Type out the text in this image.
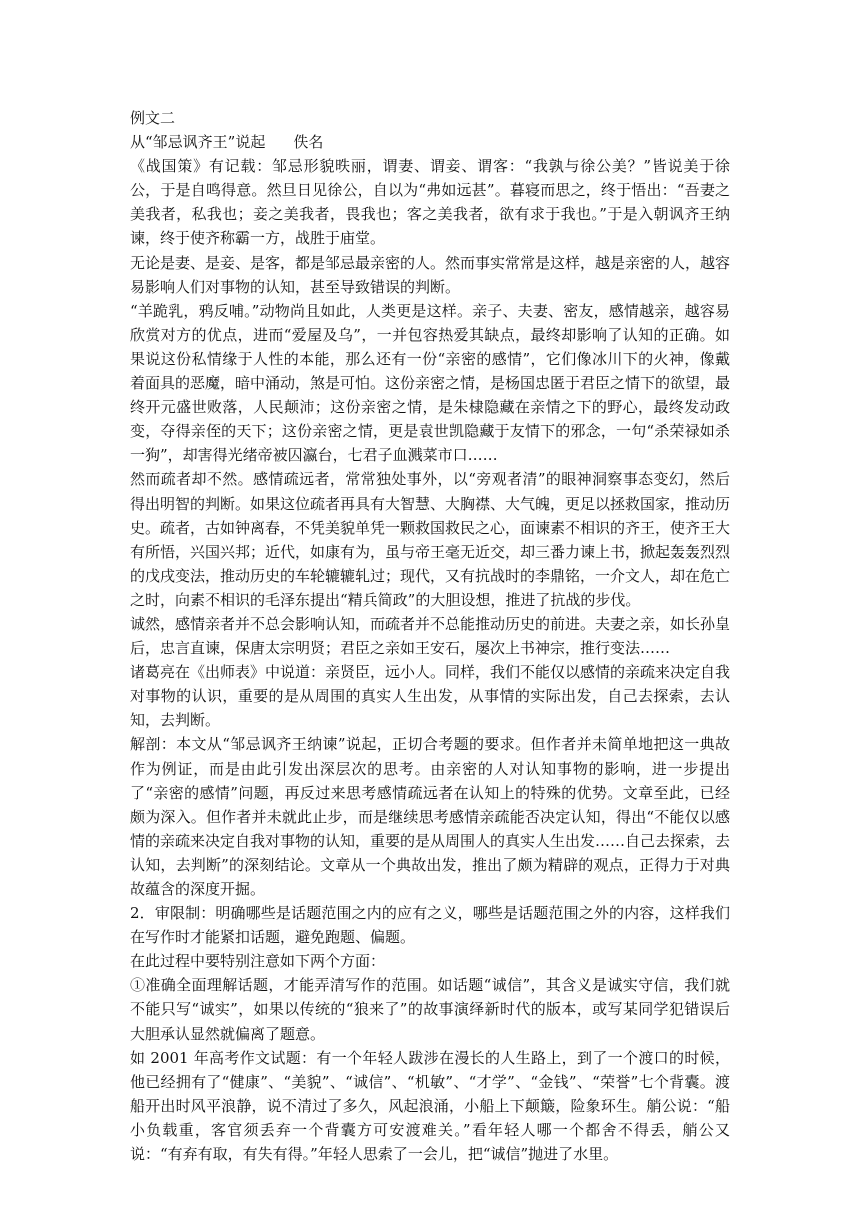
例文二

从“邹忌讽齐王”说起 佚名

《战国策》有记载：邹忌形貌昳丽，谓妻、谓妾、谓客：“我孰与徐公美？”皆说美于徐公，于是自鸣得意。然旦日见徐公，自以为“弗如远甚”。暮寝而思之，终于悟出：“吾妻之美我者，私我也；妾之美我者，畏我也；客之美我者，欲有求于我也。”于是入朝讽齐王纳谏，终于使齐称霸一方，战胜于庙堂。

无论是妻、是妾、是客，都是邹忌最亲密的人。然而事实常常是这样，越是亲密的人，越容易影响人们对事物的认知，甚至导致错误的判断。

“羊跪乳，鸦反哺。”动物尚且如此，人类更是这样。亲子、夫妻、密友，感情越亲，越容易欣赏对方的优点，进而“爱屋及乌”，一并包容热爱其缺点，最终却影响了认知的正确。如果说这份私情缘于人性的本能，那么还有一份“亲密的感情”，它们像冰川下的火神，像戴着面具的恶魔，暗中涌动，煞是可怕。这份亲密之情，是杨国忠匿于君臣之情下的欲望，最终开元盛世败落，人民颠沛；这份亲密之情，是朱棣隐藏在亲情之下的野心，最终发动政变，夺得亲侄的天下；这份亲密之情，更是袁世凯隐藏于友情下的邪念，一句“杀荣禄如杀一狗”，却害得光绪帝被囚瀛台，七君子血溅菜市口……

然而疏者却不然。感情疏远者，常常独处事外，以“旁观者清”的眼神洞察事态变幻，然后得出明智的判断。如果这位疏者再具有大智慧、大胸襟、大气魄，更足以拯救国家，推动历史。疏者，古如钟离春，不凭美貌单凭一颗救国救民之心，面谏素不相识的齐王，使齐王大有所悟，兴国兴邦；近代，如康有为，虽与帝王毫无近交，却三番力谏上书，掀起轰轰烈烈的戊戌变法，推动历史的车轮辘辘轧过；现代，又有抗战时的李鼎铭，一介文人，却在危亡之时，向素不相识的毛泽东提出“精兵简政”的大胆设想，推进了抗战的步伐。

诚然，感情亲者并不总会影响认知，而疏者并不总能推动历史的前进。夫妻之亲，如长孙皇后，忠言直谏，保唐太宗明贤；君臣之亲如王安石，屡次上书神宗，推行变法……

诸葛亮在《出师表》中说道：亲贤臣，远小人。同样，我们不能仅以感情的亲疏来决定自我对事物的认识，重要的是从周围的真实人生出发，从事情的实际出发，自己去探索，去认知，去判断。

解剖：本文从“邹忌讽齐王纳谏”说起，正切合考题的要求。但作者并未简单地把这一典故作为例证，而是由此引发出深层次的思考。由亲密的人对认知事物的影响，进一步提出了“亲密的感情”问题，再反过来思考感情疏远者在认知上的特殊的优势。文章至此，已经颇为深入。但作者并未就此止步，而是继续思考感情亲疏能否决定认知，得出“不能仅以感情的亲疏来决定自我对事物的认知，重要的是从周围人的真实人生出发……自己去探索，去认知，去判断”的深刻结论。文章从一个典故出发，推出了颇为精辟的观点，正得力于对典故蕴含的深度开掘。

2．审限制：明确哪些是话题范围之内的应有之义，哪些是话题范围之外的内容，这样我们在写作时才能紧扣话题，避免跑题、偏题。

在此过程中要特别注意如下两个方面：

①准确全面理解话题，才能弄清写作的范围。如话题“诚信”，其含义是诚实守信，我们就不能只写“诚实”，如果以传统的“狼来了”的故事演绎新时代的版本，或写某同学犯错误后大胆承认显然就偏离了题意。

如 2001 年高考作文试题：有一个年轻人跋涉在漫长的人生路上，到了一个渡口的时候，他已经拥有了“健康”、“美貌”、“诚信”、“机敏”、“才学”、“金钱”、“荣誉”七个背囊。渡船开出时风平浪静，说不清过了多久，风起浪涌，小船上下颠簸，险象环生。艄公说：“船小负载重，客官须丢弃一个背囊方可安渡难关。”看年轻人哪一个都舍不得丢，艄公又说：“有弃有取，有失有得。”年轻人思索了一会儿，把“诚信”抛进了水里。
